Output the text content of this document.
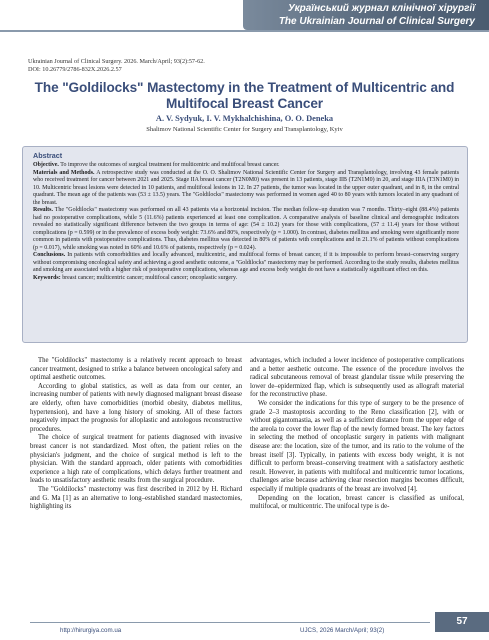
Український журнал клінічної хірургії
The Ukrainian Journal of Clinical Surgery
Ukrainian Journal of Clinical Surgery. 2026. March/April; 93(2):57-62.
DOI: 10.26779/2786-832X.2026.2.57
The "Goldilocks" Mastectomy in the Treatment of Multicentric and Multifocal Breast Cancer
A. V. Sydyuk, I. V. Mykhalchishina, O. O. Deneka
Shalimov National Scientific Center for Surgery and Transplantology, Kyiv
Abstract

Objective. To improve the outcomes of surgical treatment for multicentric and multifocal breast cancer.

Materials and Methods. A retrospective study was conducted at the O. O. Shalimov National Scientific Center for Surgery and Transplantology, involving 43 female patients who received treatment for cancer between 2021 and 2025. Stage IIA breast cancer (T2N0M0) was present in 13 patients, stage IIB (T2N1M0) in 20, and stage IIIA (T3N1M0) in 10. Multicentric breast lesions were detected in 10 patients, and multifocal lesions in 12. In 27 patients, the tumor was located in the upper outer quadrant, and in 8, in the central quadrant. The mean age of the patients was (53 ± 13.5) years. The "Goldilocks" mastectomy was performed in women aged 40 to 80 years with tumors located in any quadrant of the breast.

Results. The "Goldilocks" mastectomy was performed on all 43 patients via a horizontal incision. The median follow–up duration was 7 months. Thirty–eight (88.4%) patients had no postoperative complications, while 5 (11.6%) patients experienced at least one complication. A comparative analysis of baseline clinical and demographic indicators revealed no statistically significant difference between the two groups in terms of age: (54 ± 10.2) years for those with complications, (57 ± 11.4) years for those without complications (p = 0.599) or in the prevalence of excess body weight: 73.6% and 80%, respectively (p = 1.000). In contrast, diabetes mellitus and smoking were significantly more common in patients with postoperative complications. Thus, diabetes mellitus was detected in 80% of patients with complications and in 21.1% of patients without complications (p = 0.017), while smoking was noted in 60% and 10.6% of patients, respectively (p = 0.024).

Conclusions. In patients with comorbidities and locally advanced, multicentric, and multifocal forms of breast cancer, if it is impossible to perform breast–conserving surgery without compromising oncological safety and achieving a good aesthetic outcome, a "Goldilocks" mastectomy may be performed. According to the study results, diabetes mellitus and smoking are associated with a higher risk of postoperative complications, whereas age and excess body weight do not have a statistically significant effect on this.

Keywords: breast cancer; multicentric cancer; multifocal cancer; oncoplastic surgery.

The "Goldilocks" mastectomy is a relatively recent approach to breast cancer treatment, designed to strike a balance between oncological safety and optimal aesthetic outcomes.

According to global statistics, as well as data from our center, an increasing number of patients with newly diagnosed malignant breast disease are elderly, often have comorbidities (morbid obesity, diabetes mellitus, hypertension), and have a long history of smoking. All of these factors negatively impact the prognosis for alloplastic and autologous reconstructive procedures.

The choice of surgical treatment for patients diagnosed with invasive breast cancer is not standardized. Most often, the patient relies on the physician's judgment, and the choice of surgical method is left to the physician. With the standard approach, older patients with comorbidities experience a high rate of complications, which delays further treatment and leads to unsatisfactory aesthetic results from the surgical procedure.

The "Goldilocks" mastectomy was first described in 2012 by H. Richard and G. Ma [1] as an alternative to long–established standard mastectomies, highlighting its

advantages, which included a lower incidence of postoperative complications and a better aesthetic outcome. The essence of the procedure involves the radical subcutaneous removal of breast glandular tissue while preserving the lower de–epidermized flap, which is subsequently used as allograft material for the reconstructive phase.

We consider the indications for this type of surgery to be the presence of grade 2–3 mastoptosis according to the Reno classification [2], with or without gigantomastia, as well as a sufficient distance from the upper edge of the areola to cover the lower flap of the newly formed breast. The key factors in selecting the method of oncoplastic surgery in patients with malignant disease are: the location, size of the tumor, and its ratio to the volume of the breast itself [3]. Typically, in patients with excess body weight, it is not difficult to perform breast–conserving treatment with a satisfactory aesthetic result. However, in patients with multifocal and multicentric tumor locations, challenges arise because achieving clear resection margins becomes difficult, especially if multiple quadrants of the breast are involved [4].

Depending on the location, breast cancer is classified as unifocal, multifocal, or multicentric. The unifocal type is de-

http://hirurgiya.com.ua	UJCS, 2026 March/April; 93(2)
57
